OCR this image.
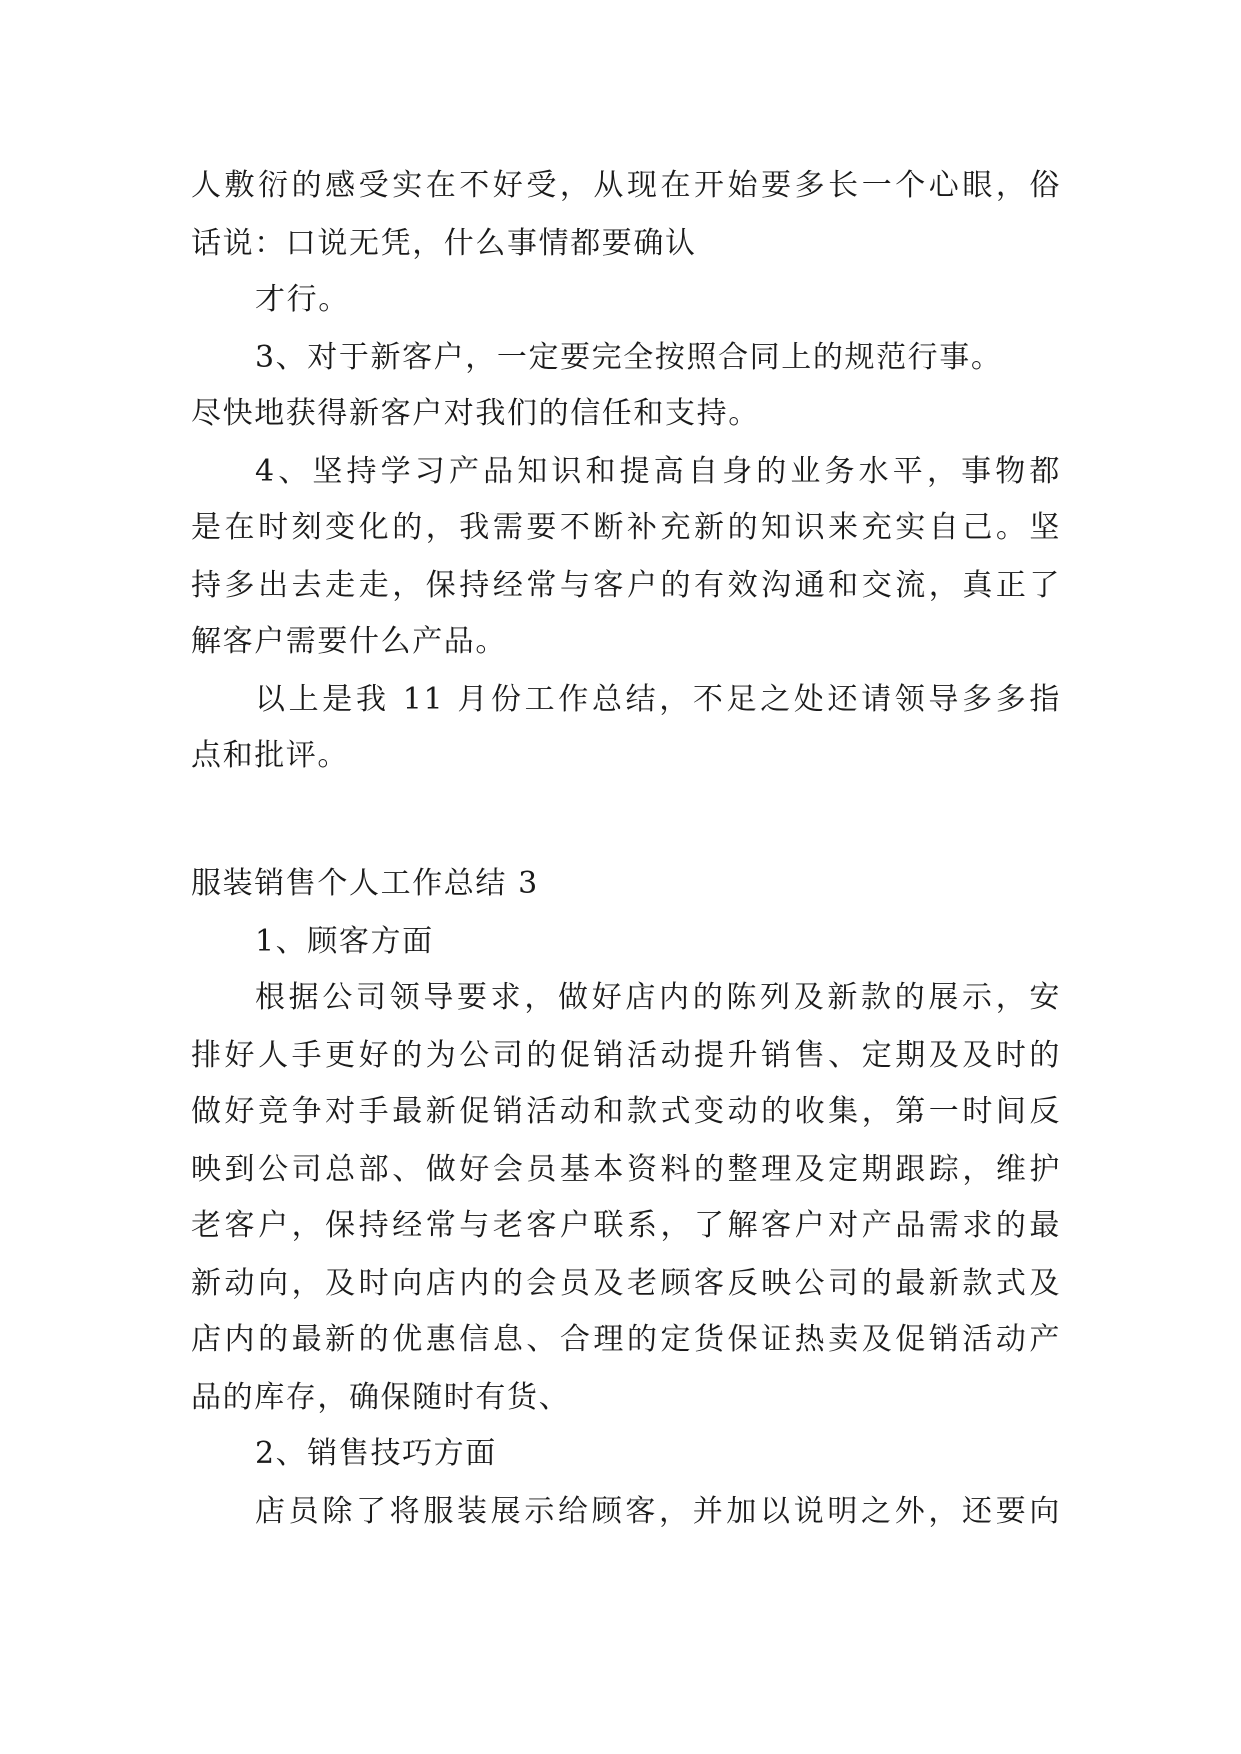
人敷衍的感受实在不好受，从现在开始要多长一个心眼，俗
话说：口说无凭，什么事情都要确认
才行。
3、对于新客户，一定要完全按照合同上的规范行事。
尽快地获得新客户对我们的信任和支持。
4、坚持学习产品知识和提高自身的业务水平，事物都
是在时刻变化的，我需要不断补充新的知识来充实自己。坚
持多出去走走，保持经常与客户的有效沟通和交流，真正了
解客户需要什么产品。
以上是我 11 月份工作总结，不足之处还请领导多多指
点和批评。
服装销售个人工作总结 3
1、顾客方面
根据公司领导要求，做好店内的陈列及新款的展示，安
排好人手更好的为公司的促销活动提升销售、定期及及时的
做好竞争对手最新促销活动和款式变动的收集，第一时间反
映到公司总部、做好会员基本资料的整理及定期跟踪，维护
老客户，保持经常与老客户联系，了解客户对产品需求的最
新动向，及时向店内的会员及老顾客反映公司的最新款式及
店内的最新的优惠信息、合理的定货保证热卖及促销活动产
品的库存，确保随时有货、
2、销售技巧方面
店员除了将服装展示给顾客，并加以说明之外，还要向
